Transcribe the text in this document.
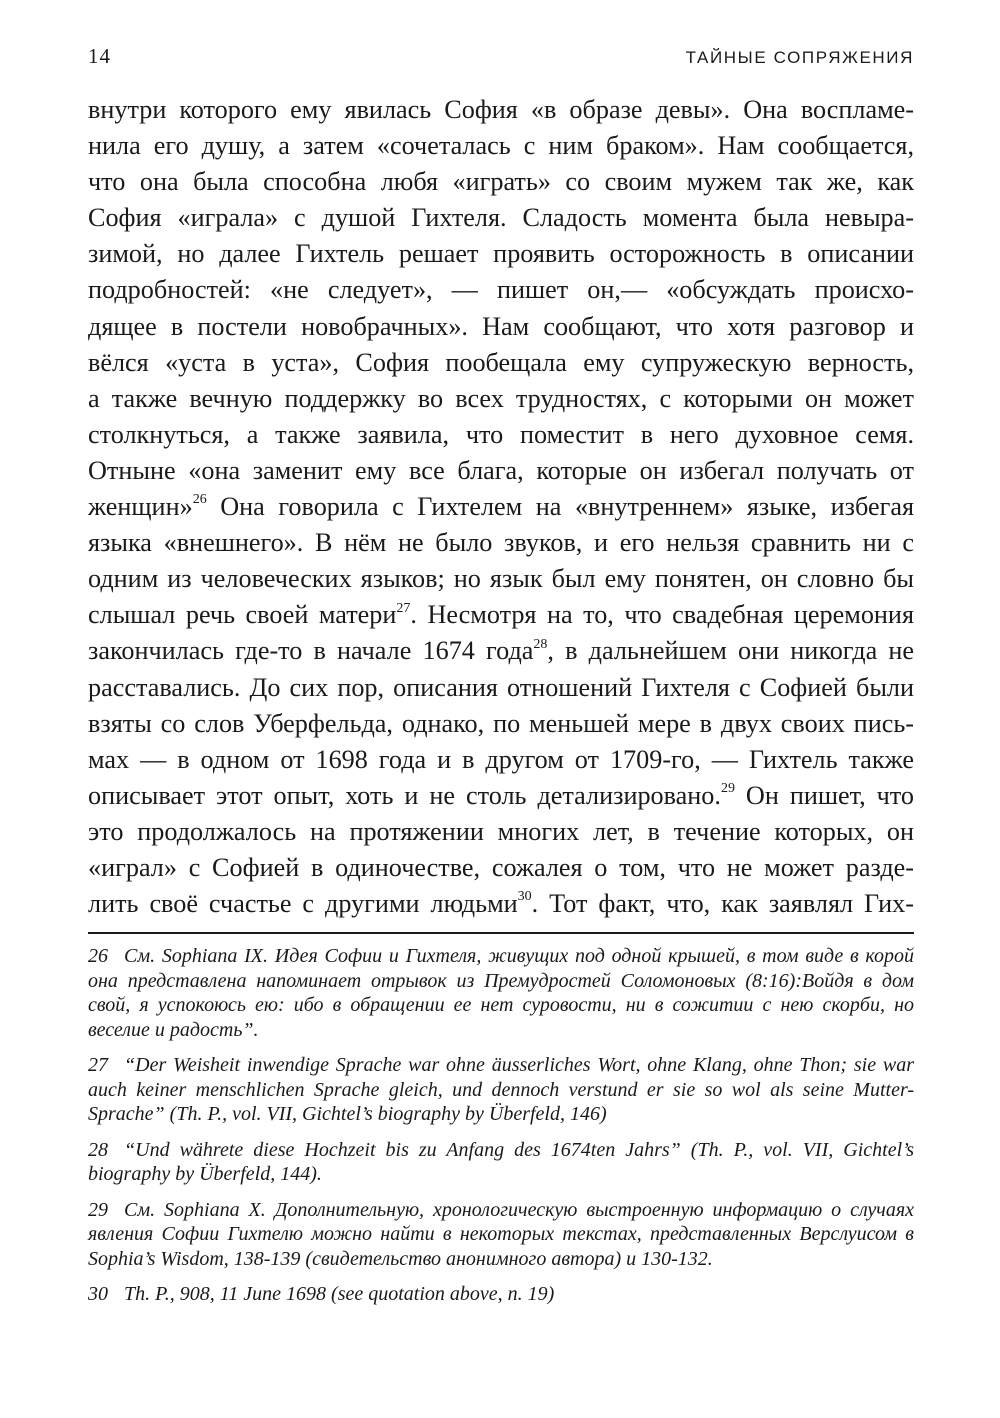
14	ТАЙНЫЕ СОПРЯЖЕНИЯ

внутри которого ему явилась София «в образе девы». Она воспламе-

нила его душу, а затем «сочеталась с ним браком». Нам сообщается,

что она была способна любя «играть» со своим мужем так же, как

София «играла» с душой Гихтеля. Сладость момента была невыра-

зимой, но далее Гихтель решает проявить осторожность в описании

подробностей: «не следует», — пишет он,— «обсуждать происхо-

дящее в постели новобрачных». Нам сообщают, что хотя разговор и

вёлся «уста в уста», София пообещала ему супружескую верность,

а также вечную поддержку во всех трудностях, с которыми он может

столкнуться, а также заявила, что поместит в него духовное семя.

Отныне «она заменит ему все блага, которые он избегал получать от

женщин»$^{26}$ Она говорила с Гихтелем на «внутреннем» языке, избегая

языка «внешнего». В нём не было звуков, и его нельзя сравнить ни с

одним из человеческих языков; но язык был ему понятен, он словно бы

слышал речь своей матери$^{27}$. Несмотря на то, что свадебная церемония

закончилась где-то в начале 1674 года$^{28}$, в дальнейшем они никогда не

расставались. До сих пор, описания отношений Гихтеля с Софией были

взяты со слов Уберфельда, однако, по меньшей мере в двух своих пись-

мах — в одном от 1698 года и в другом от 1709-го, — Гихтель также

описывает этот опыт, хоть и не столь детализировано.$^{29}$ Он пишет, что

это продолжалось на протяжении многих лет, в течение которых, он

«играл» с Софией в одиночестве, сожалея о том, что не может разде-

лить своё счастье с другими людьми$^{30}$. Тот факт, что, как заявлял Гих-

26 См. Sophiana IX. Идея Софии и Гихтеля, живущих под одной крышей, в том виде в корой она представлена напоминает отрывок из Премудростей Соломоновых (8:16):Войдя в дом свой, я успокоюсь ею: ибо в обращении ее нет суровости, ни в сожитии с нею скорби, но веселие и радость”.

27 “Der Weisheit inwendige Sprache war ohne äusserliches Wort, ohne Klang, ohne Thon; sie war auch keiner menschlichen Sprache gleich, und dennoch verstund er sie so wol als seine Mutter-Sprache” (Th. P., vol. VII, Gichtel’s biography by Überfeld, 146)

28 “Und währete diese Hochzeit bis zu Anfang des 1674ten Jahrs” (Th. P., vol. VII, Gichtel’s biography by Überfeld, 144).

29 См. Sophiana X. Дополнительную, хронологическую выстроенную информацию о случаях явления Софии Гихтелю можно найти в некоторых текстах, представленных Верслуисом в Sophia’s Wisdom, 138-139 (свидетельство анонимного автора) и 130-132.

30 Th. P., 908, 11 June 1698 (see quotation above, n. 19)
